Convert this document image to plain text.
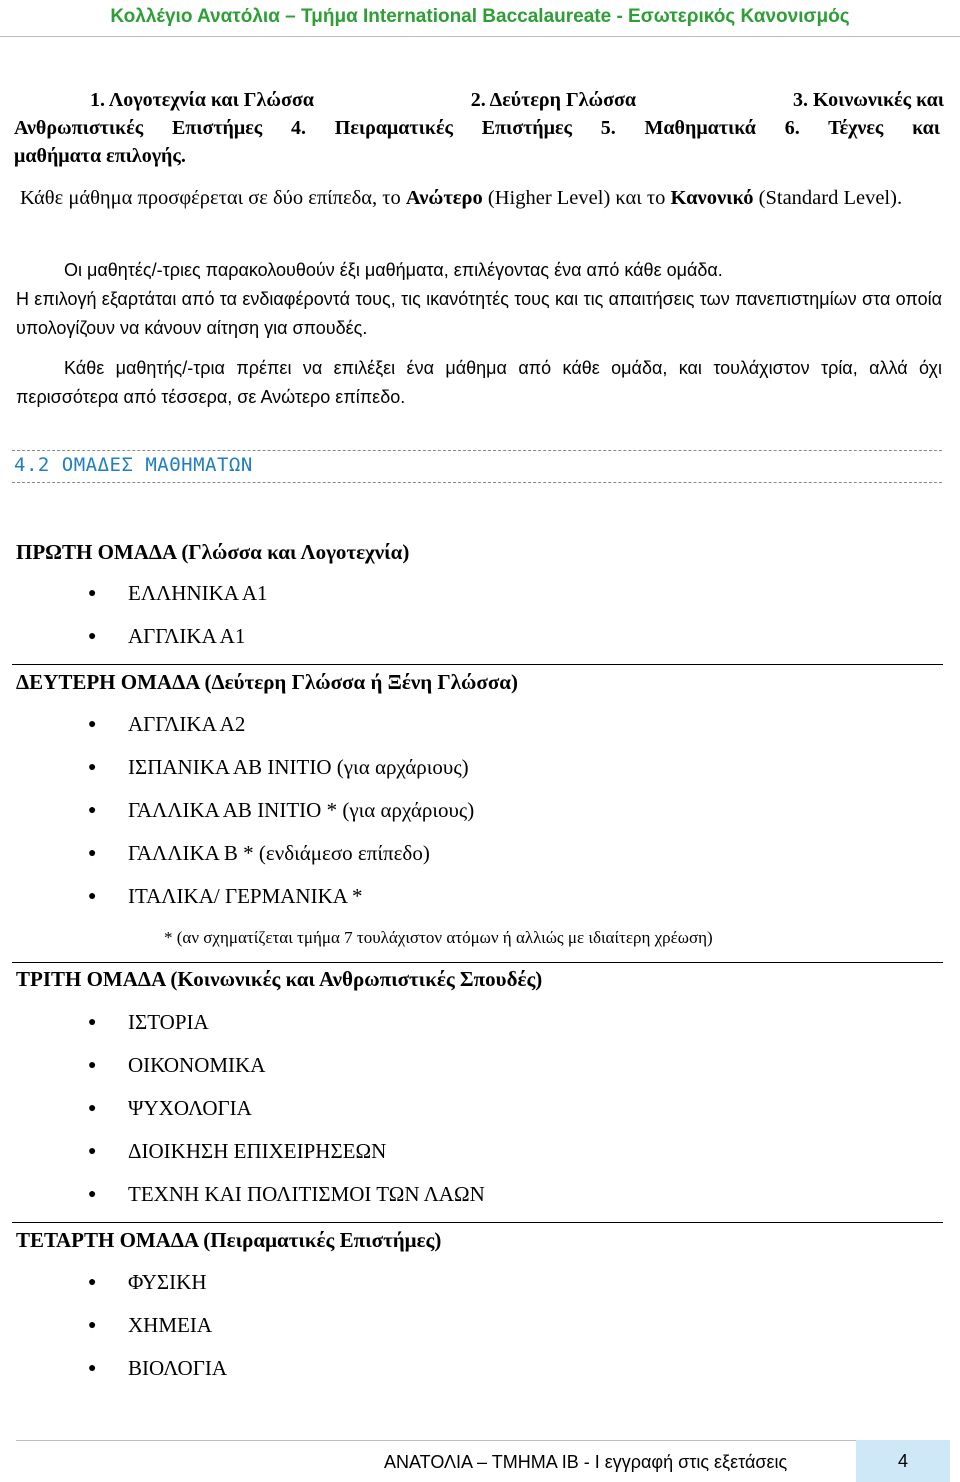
Κολλέγιο Ανατόλια – Τμήμα International Baccalaureate - Εσωτερικός Κανονισμός
1. Λογοτεχνία και Γλώσσα	2. Δεύτερη Γλώσσα	3. Κοινωνικές και
Ανθρωπιστικές Επιστήμες 4. Πειραματικές Επιστήμες 5. Μαθηματικά 6. Τέχνες και
μαθήματα επιλογής.
Κάθε μάθημα προσφέρεται σε δύο επίπεδα, το Ανώτερο (Higher Level) και το Κανονικό (Standard Level).
Οι μαθητές/-τριες παρακολουθούν έξι μαθήματα, επιλέγοντας ένα από κάθε ομάδα.
Η επιλογή εξαρτάται από τα ενδιαφέροντά τους, τις ικανότητές τους και τις απαιτήσεις των πανεπιστημίων στα οποία υπολογίζουν να κάνουν αίτηση για σπουδές.
Κάθε μαθητής/-τρια πρέπει να επιλέξει ένα μάθημα από κάθε ομάδα, και τουλάχιστον τρία, αλλά όχι περισσότερα από τέσσερα, σε Ανώτερο επίπεδο.
4.2 ΟΜΑΔΕΣ ΜΑΘΗΜΑΤΩΝ
ΠΡΩΤΗ ΟΜΑΔΑ (Γλώσσα και Λογοτεχνία)
● ΕΛΛΗΝΙΚΑ Α1
● ΑΓΓΛΙΚΑ Α1
ΔΕΥΤΕΡΗ ΟΜΑΔΑ (Δεύτερη Γλώσσα ή Ξένη Γλώσσα)
● ΑΓΓΛΙΚΑ Α2
● ΙΣΠΑΝΙΚΑ ΑΒ INITIO (για αρχάριους)
● ΓΑΛΛΙΚΑ ΑΒ INITIO * (για αρχάριους)
● ΓΑΛΛΙΚΑ Β * (ενδιάμεσο επίπεδο)
● ΙΤΑΛΙΚΑ/ ΓΕΡΜΑΝΙΚΑ *
* (αν σχηματίζεται τμήμα 7 τουλάχιστον ατόμων ή αλλιώς με ιδιαίτερη χρέωση)
ΤΡΙΤΗ ΟΜΑΔΑ (Κοινωνικές και Ανθρωπιστικές Σπουδές)
● ΙΣΤΟΡΙΑ
● ΟΙΚΟΝΟΜΙΚΑ
● ΨΥΧΟΛΟΓΙΑ
● ΔΙΟΙΚΗΣΗ ΕΠΙΧΕΙΡΗΣΕΩΝ
● ΤΕΧΝΗ ΚΑΙ ΠΟΛΙΤΙΣΜΟΙ ΤΩΝ ΛΑΩΝ
ΤΕΤΑΡΤΗ ΟΜΑΔΑ (Πειραματικές Επιστήμες)
● ΦΥΣΙΚΗ
● ΧΗΜΕΙΑ
● ΒΙΟΛΟΓΙΑ
ΑΝΑΤΟΛΙΑ – ΤΜΗΜΑ ΙΒ - Ι εγγραφή στις εξετάσεις	4
